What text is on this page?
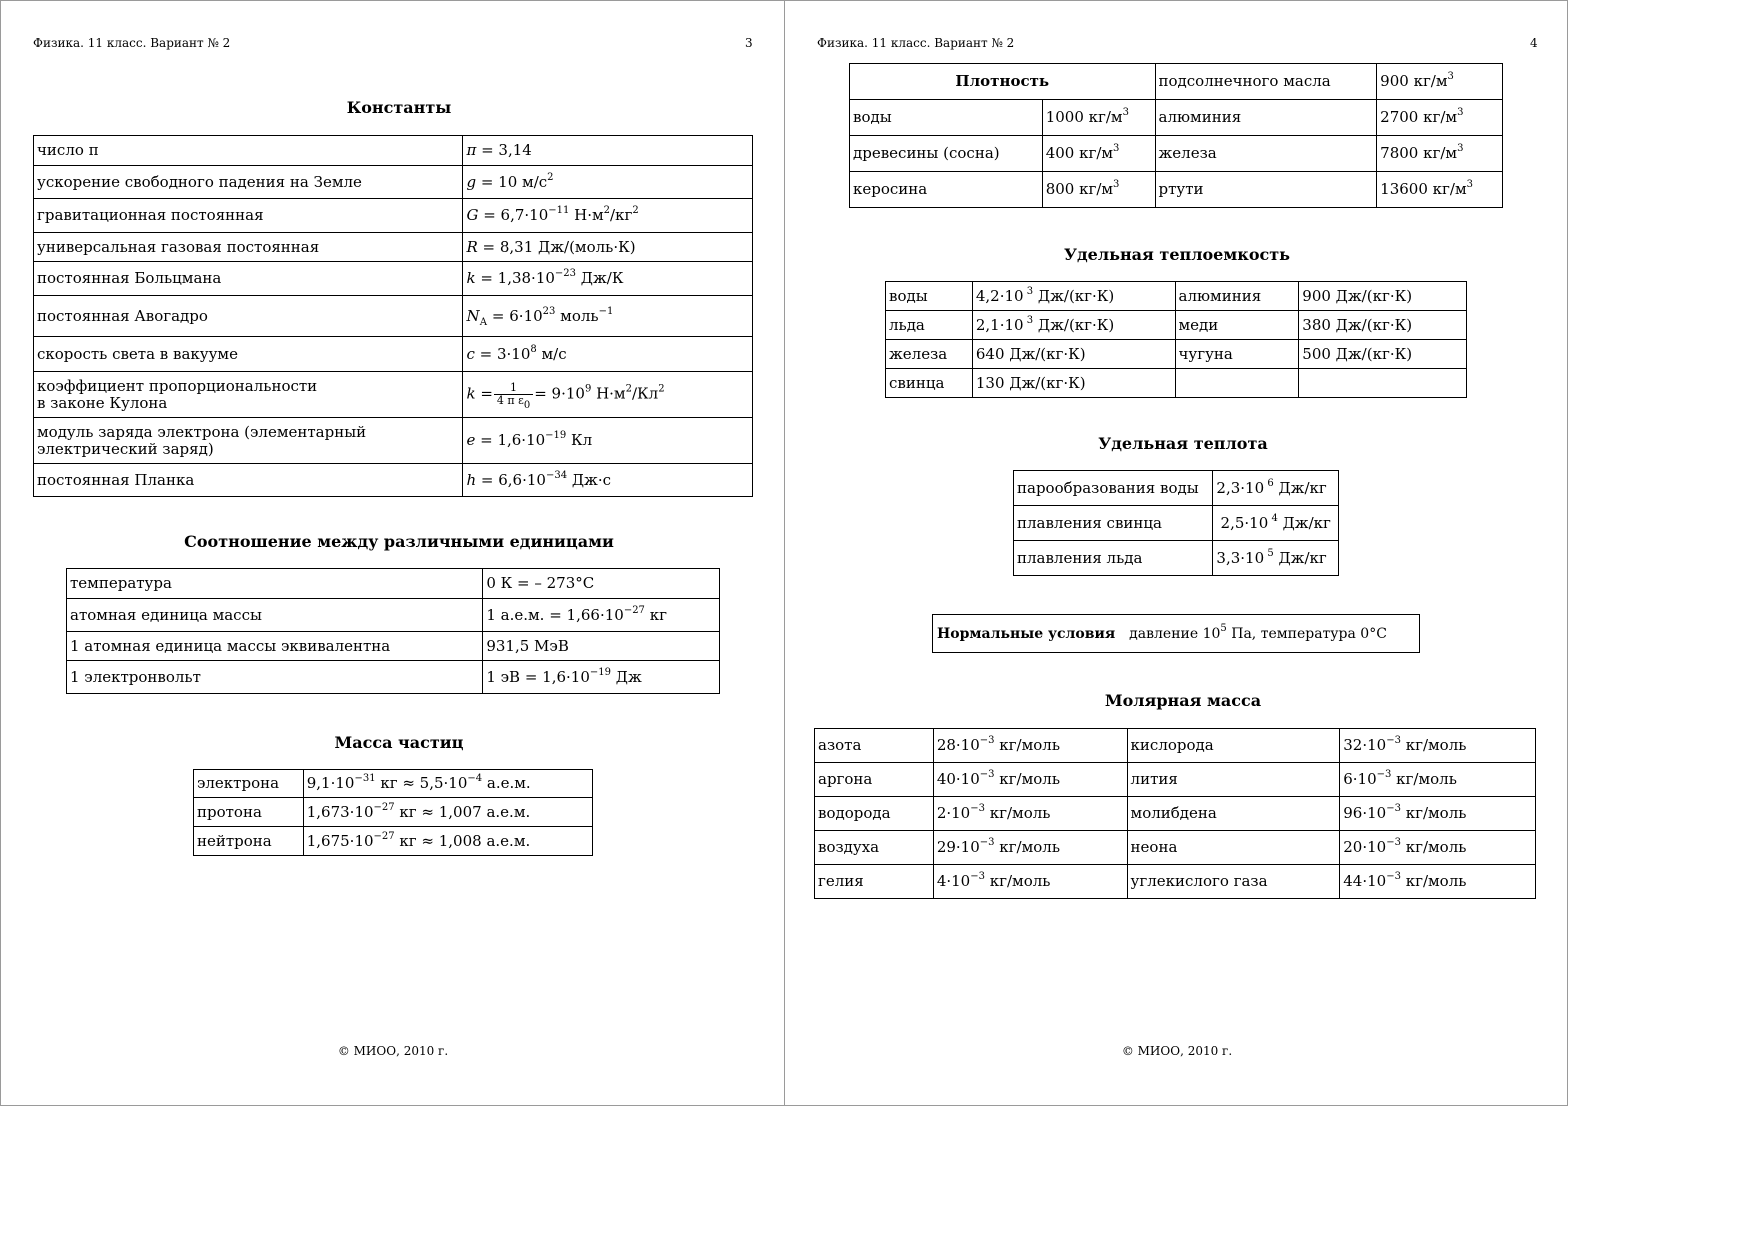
Физика. 11 класс. Вариант № 2	3
Константы
число π	π = 3,14
ускорение свободного падения на Земле	g = 10 $м/с^2$
гравитационная постоянная	$G = 6,7\cdot 10^{-11}$ $Н\cdot м^2/кг^2$
универсальная газовая постоянная	R = 8,31 Дж/(моль·К)
постоянная Больцмана	$k = 1,38\cdot 10^{-23}$ Дж/К
постоянная Авогадро	$N_А = 6\cdot 10^{23}$ моль$^{-1}$
скорость света в вакууме	$c = 3\cdot 10^8$ м/с
коэффициент пропорциональности
в законе Кулона	$k = \frac{1}{4 \pi \varepsilon_0} = 9\cdot 10^9$ $Н\cdot м^2/Кл^2$
модуль заряда электрона (элементарный
электрический заряд)	$e = 1,6\cdot 10^{-19}$ Кл
постоянная Планка	$h = 6,6\cdot 10^{-34}$ Дж·с
Соотношение между различными единицами
температура	0 К = – 273°С
атомная единица массы	1 а.е.м. = $1,66\cdot 10^{-27}$ кг
1 атомная единица массы эквивалентна	931,5 МэВ
1 электронвольт	1 эВ = $1,6\cdot 10^{-19}$ Дж
Масса частиц
электрона	$9,1\cdot 10^{-31}$ кг ≈ $5,5\cdot 10^{-4}$ а.е.м.
протона	$1,673\cdot 10^{-27}$ кг ≈ 1,007 а.е.м.
нейтрона	$1,675\cdot 10^{-27}$ кг ≈ 1,008 а.е.м.
© МИОО, 2010 г.
Физика. 11 класс. Вариант № 2	4
Плотность		подсолнечного масла	900 $кг/м^3$
воды	1000 $кг/м^3$	алюминия	2700 $кг/м^3$
древесины (сосна)	400 $кг/м^3$	железа	7800 $кг/м^3$
керосина	800 $кг/м^3$	ртути	13600 $кг/м^3$
Удельная теплоемкость
воды	4,2·10 $^3$ Дж/(кг·К)	алюминия	900 Дж/(кг·К)
льда	2,1·10 $^3$ Дж/(кг·К)	меди	380 Дж/(кг·К)
железа	640 Дж/(кг·К)	чугуна	500 Дж/(кг·К)
свинца	130 Дж/(кг·К)		
Удельная теплота
парообразования воды	2,3·10 $^6$ Дж/кг
плавления свинца	2,5·10 $^4$ Дж/кг
плавления льда	3,3·10 $^5$ Дж/кг
Нормальные условия давление $10^5$ Па, температура 0°С
Молярная масса
азота	$28\cdot 10^{-3}$ кг/моль	кислорода	$32\cdot 10^{-3}$ кг/моль
аргона	$40\cdot 10^{-3}$ кг/моль	лития	$6\cdot 10^{-3}$ кг/моль
водорода	$2\cdot 10^{-3}$ кг/моль	молибдена	$96\cdot 10^{-3}$ кг/моль
воздуха	$29\cdot 10^{-3}$ кг/моль	неона	$20\cdot 10^{-3}$ кг/моль
гелия	$4\cdot 10^{-3}$ кг/моль	углекислого газа	$44\cdot 10^{-3}$ кг/моль
© МИОО, 2010 г.
